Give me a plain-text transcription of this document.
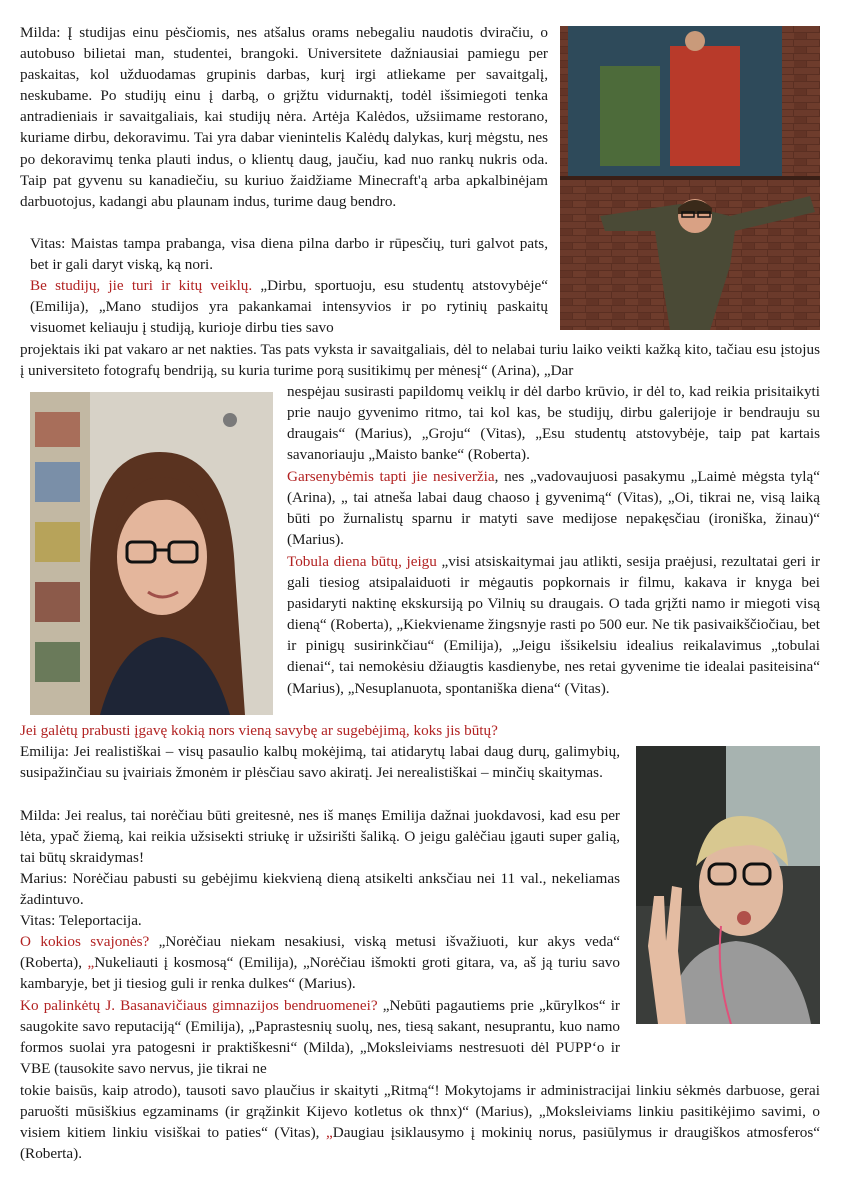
Milda: Į studijas einu pėsčiomis, nes atšalus orams nebegaliu naudotis dviračiu, o autobuso bilietai man, studentei, brangoki. Universitete dažniausiai pamiegu per paskaitas, kol užduodamas grupinis darbas, kurį irgi atliekame per savaitgalį, neskubame. Po studijų einu į darbą, o grįžtu vidurnaktį, todėl išsimiegoti tenka antradieniais ir savaitgaliais, kai studijų nėra. Artėja Kalėdos, užsiimame restorano, kuriame dirbu, dekoravimu. Tai yra dabar vienintelis Kalėdų dalykas, kurį mėgstu, nes po dekoravimų tenka plauti indus, o klientų daug, jaučiu, kad nuo rankų nukris oda. Taip pat gyvenu su kanadiečiu, su kuriuo žaidžiame Minecraft'ą arba apkalbinėjam darbuotojus, kadangi abu plaunam indus, turime daug bendro.

Vitas: Maistas tampa prabanga, visa diena pilna darbo ir rūpesčių, turi galvot pats, bet ir gali daryt viską, ką nori.

Be studijų, jie turi ir kitų veiklų. „Dirbu, sportuoju, esu studentų atstovybėje“ (Emilija), „Mano studijos yra pakankamai intensyvios ir po rytinių paskaitų visuomet keliauju į studiją, kurioje dirbu ties savo

projektais iki pat vakaro ar net nakties. Tas pats vyksta ir savaitgaliais, dėl to nelabai turiu laiko veikti kažką kito, tačiau esu įstojus į universiteto fotografų bendriją, su kuria turime porą susitikimų per mėnesį“ (Arina), „Dar

nespėjau susirasti papildomų veiklų ir dėl darbo krūvio, ir dėl to, kad reikia prisitaikyti prie naujo gyvenimo ritmo, tai kol kas, be studijų, dirbu galerijoje ir bendrauju su draugais“ (Marius), „Groju“ (Vitas), „Esu studentų atstovybėje, taip pat kartais savanoriauju „Maisto banke“ (Roberta).

Garsenybėmis tapti jie nesiveržia, nes „vadovaujuosi pasakymu „Laimė mėgsta tylą“ (Arina), „ tai atneša labai daug chaoso į gyvenimą“ (Vitas), „Oi, tikrai ne, visą laiką būti po žurnalistų sparnu ir matyti save medijose nepakęsčiau (ironiška, žinau)“ (Marius).

Tobula diena būtų, jeigu „visi atsiskaitymai jau atlikti, sesija praėjusi, rezultatai geri ir gali tiesiog atsipalaiduoti ir mėgautis popkornais ir filmu, kakava ir knyga bei pasidaryti naktinę ekskursiją po Vilnių su draugais. O tada grįžti namo ir miegoti visą dieną“ (Roberta), „Kiekviename žingsnyje rasti po 500 eur. Ne tik pasivaikščiočiau, bet ir pinigų susirinkčiau“ (Emilija), „Jeigu išsikelsiu idealius reikalavimus „tobulai dienai“, tai nemokėsiu džiaugtis kasdienybe, nes retai gyvenime tie idealai pasiteisina“ (Marius), „Nesuplanuota, spontaniška diena“ (Vitas).

Jei galėtų prabusti įgavę kokią nors vieną savybę ar sugebėjimą, koks jis būtų?

Emilija: Jei realistiškai – visų pasaulio kalbų mokėjimą, tai atidarytų labai daug durų, galimybių, susipažinčiau su įvairiais žmonėm ir plėsčiau savo akiratį. Jei nerealistiškai – minčių skaitymas.

Milda: Jei realus, tai norėčiau būti greitesnė, nes iš manęs Emilija dažnai juokdavosi, kad esu per lėta, ypač žiemą, kai reikia užsisekti striukę ir užsirišti šaliką. O jeigu galėčiau įgauti super galią, tai būtų skraidymas!

Marius: Norėčiau pabusti su gebėjimu kiekvieną dieną atsikelti anksčiau nei 11 val., nekeliamas žadintuvo.

Vitas: Teleportacija.

O kokios svajonės? „Norėčiau niekam nesakiusi, viską metusi išvažiuoti, kur akys veda“ (Roberta), „Nukeliauti į kosmosą“ (Emilija), „Norėčiau išmokti groti gitara, va, aš ją turiu savo kambaryje, bet ji tiesiog guli ir renka dulkes“ (Marius).

Ko palinkėtų J. Basanavičiaus gimnazijos bendruomenei? „Nebūti pagautiems prie „kūrylkos“ ir saugokite savo reputaciją“ (Emilija), „Paprastesnių suolų, nes, tiesą sakant, nesuprantu, kuo namo formos suolai yra patogesni ir praktiškesni“ (Milda), „Moksleiviams nestresuoti dėl PUPP‘o ir VBE (tausokite savo nervus, jie tikrai ne

tokie baisūs, kaip atrodo), tausoti savo plaučius ir skaityti „Ritmą“! Mokytojams ir administracijai linkiu sėkmės darbuose, gerai paruošti mūsiškius egzaminams (ir grąžinkit Kijevo kotletus ok thnx)“ (Marius), „Moksleiviams linkiu pasitikėjimo savimi, o visiem kitiem linkiu visiškai to paties“ (Vitas), „Daugiau įsiklausymo į mokinių norus, pasiūlymus ir draugiškos atmosferos“ (Roberta).
